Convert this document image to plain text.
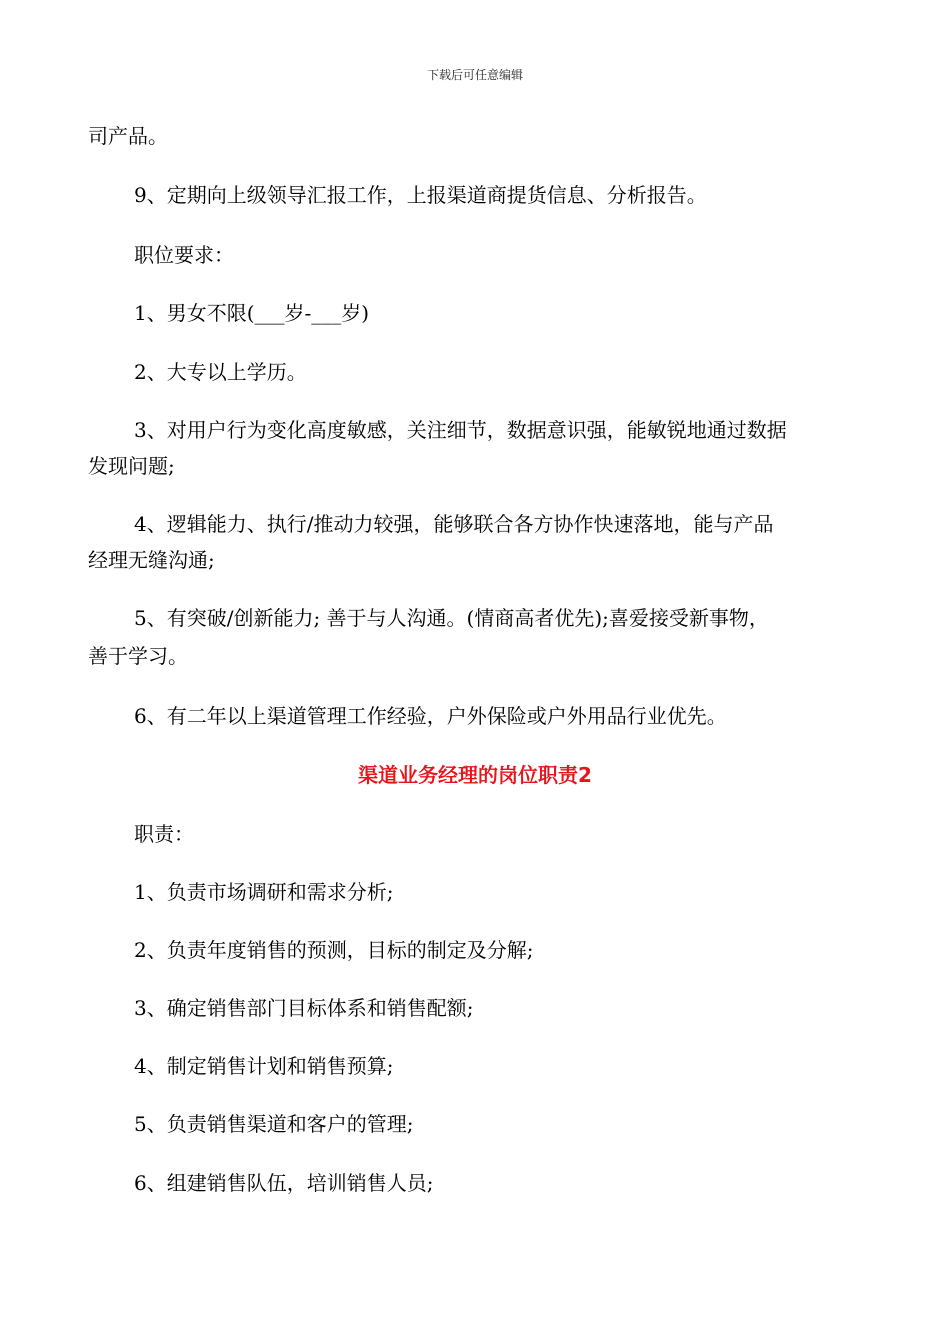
下载后可任意编辑
司产品。
9、定期向上级领导汇报工作，上报渠道商提货信息、分析报告。
职位要求：
1、男女不限(___岁-___岁)
2、大专以上学历。
3、对用户行为变化高度敏感，关注细节，数据意识强，能敏锐地通过数据
发现问题;
4、逻辑能力、执行/推动力较强，能够联合各方协作快速落地，能与产品
经理无缝沟通;
5、有突破/创新能力; 善于与人沟通。(情商高者优先);喜爱接受新事物，
善于学习。
6、有二年以上渠道管理工作经验，户外保险或户外用品行业优先。
渠道业务经理的岗位职责2
职责：
1、负责市场调研和需求分析;
2、负责年度销售的预测，目标的制定及分解;
3、确定销售部门目标体系和销售配额;
4、制定销售计划和销售预算;
5、负责销售渠道和客户的管理;
6、组建销售队伍，培训销售人员;
